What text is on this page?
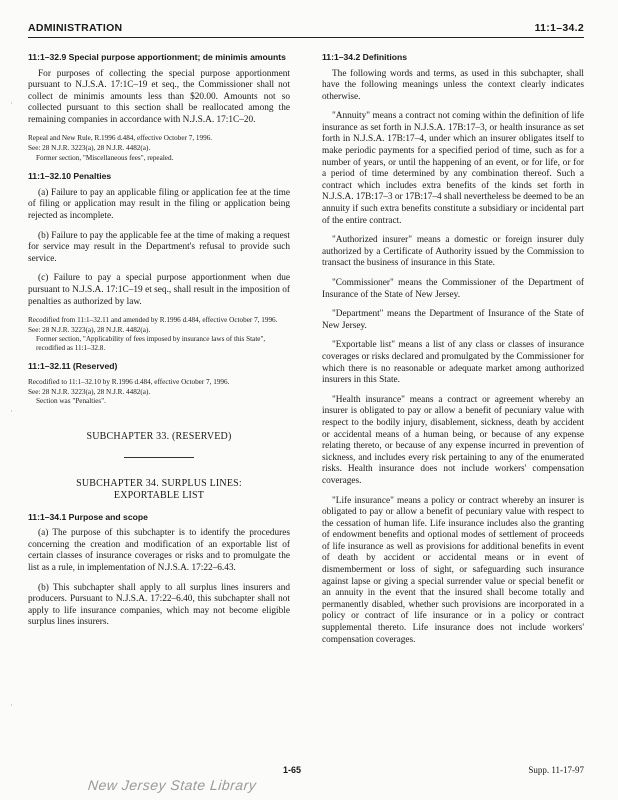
ADMINISTRATION	11:1–34.2
11:1–32.9 Special purpose apportionment; de minimis amounts

For purposes of collecting the special purpose apportionment pursuant to N.J.S.A. 17:1C–19 et seq., the Commissioner shall not collect de minimis amounts less than $20.00. Amounts not so collected pursuant to this section shall be reallocated among the remaining companies in accordance with N.J.S.A. 17:1C–20.

Repeal and New Rule, R.1996 d.484, effective October 7, 1996.
See: 28 N.J.R. 3223(a), 28 N.J.R. 4482(a).
Former section, "Miscellaneous fees", repealed.
11:1–32.10 Penalties

(a) Failure to pay an applicable filing or application fee at the time of filing or application may result in the filing or application being rejected as incomplete.

(b) Failure to pay the applicable fee at the time of making a request for service may result in the Department's refusal to provide such service.

(c) Failure to pay a special purpose apportionment when due pursuant to N.J.S.A. 17:1C–19 et seq., shall result in the imposition of penalties as authorized by law.

Recodified from 11:1–32.11 and amended by R.1996 d.484, effective October 7, 1996.
See: 28 N.J.R. 3223(a), 28 N.J.R. 4482(a).
Former section, "Applicability of fees imposed by insurance laws of this State", recodified as 11:1–32.8.
11:1–32.11 (Reserved)
Recodified to 11:1–32.10 by R.1996 d.484, effective October 7, 1996.
See: 28 N.J.R. 3223(a), 28 N.J.R. 4482(a).
Section was "Penalties".
SUBCHAPTER 33. (RESERVED)
SUBCHAPTER 34. SURPLUS LINES:
EXPORTABLE LIST
11:1–34.1 Purpose and scope

(a) The purpose of this subchapter is to identify the procedures concerning the creation and modification of an exportable list of certain classes of insurance coverages or risks and to promulgate the list as a rule, in implementation of N.J.S.A. 17:22–6.43.

(b) This subchapter shall apply to all surplus lines insurers and producers. Pursuant to N.J.S.A. 17:22–6.40, this subchapter shall not apply to life insurance companies, which may not become eligible surplus lines insurers.

11:1–34.2 Definitions

The following words and terms, as used in this subchapter, shall have the following meanings unless the context clearly indicates otherwise.

"Annuity" means a contract not coming within the definition of life insurance as set forth in N.J.S.A. 17B:17–3, or health insurance as set forth in N.J.S.A. 17B:17–4, under which an insurer obligates itself to make periodic payments for a specified period of time, such as for a number of years, or until the happening of an event, or for life, or for a period of time determined by any combination thereof. Such a contract which includes extra benefits of the kinds set forth in N.J.S.A. 17B:17–3 or 17B:17–4 shall nevertheless be deemed to be an annuity if such extra benefits constitute a subsidiary or incidental part of the entire contract.

"Authorized insurer" means a domestic or foreign insurer duly authorized by a Certificate of Authority issued by the Commission to transact the business of insurance in this State.

"Commissioner" means the Commissioner of the Department of Insurance of the State of New Jersey.

"Department" means the Department of Insurance of the State of New Jersey.

"Exportable list" means a list of any class or classes of insurance coverages or risks declared and promulgated by the Commissioner for which there is no reasonable or adequate market among authorized insurers in this State.

"Health insurance" means a contract or agreement whereby an insurer is obligated to pay or allow a benefit of pecuniary value with respect to the bodily injury, disablement, sickness, death by accident or accidental means of a human being, or because of any expense relating thereto, or because of any expense incurred in prevention of sickness, and includes every risk pertaining to any of the enumerated risks. Health insurance does not include workers' compensation coverages.

"Life insurance" means a policy or contract whereby an insurer is obligated to pay or allow a benefit of pecuniary value with respect to the cessation of human life. Life insurance includes also the granting of endowment benefits and optional modes of settlement of proceeds of life insurance as well as provisions for additional benefits in event of death by accident or accidental means or in event of dismemberment or loss of sight, or safeguarding such insurance against lapse or giving a special surrender value or special benefit or an annuity in the event that the insured shall become totally and permanently disabled, whether such provisions are incorporated in a policy or contract of life insurance or in a policy or contract supplemental thereto. Life insurance does not include workers' compensation coverages.

·
·
·
1-65	Supp. 11-17-97
New Jersey State Library
